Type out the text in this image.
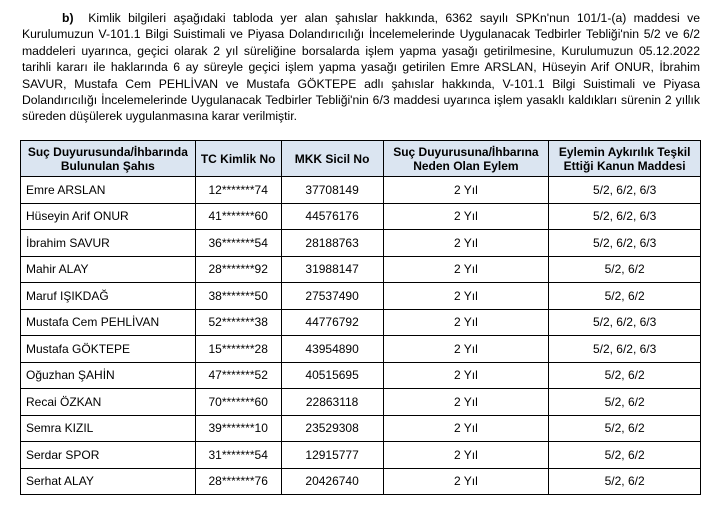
b) Kimlik bilgileri aşağıdaki tabloda yer alan şahıslar hakkında, 6362 sayılı SPKn'nun 101/1-(a) maddesi ve Kurulumuzun V-101.1 Bilgi Suistimali ve Piyasa Dolandırıcılığı İncelemelerinde Uygulanacak Tedbirler Tebliği'nin 5/2 ve 6/2 maddeleri uyarınca, geçici olarak 2 yıl süreliğine borsalarda işlem yapma yasağı getirilmesine, Kurulumuzun 05.12.2022 tarihli kararı ile haklarında 6 ay süreyle geçici işlem yapma yasağı getirilen Emre ARSLAN, Hüseyin Arif ONUR, İbrahim SAVUR, Mustafa Cem PEHLİVAN ve Mustafa GÖKTEPE adlı şahıslar hakkında, V-101.1 Bilgi Suistimali ve Piyasa Dolandırıcılığı İncelemelerinde Uygulanacak Tedbirler Tebliği'nin 6/3 maddesi uyarınca işlem yasaklı kaldıkları sürenin 2 yıllık süreden düşülerek uygulanmasına karar verilmiştir.
Suç Duyurusunda/İhbarında Bulunulan Şahıs	TC Kimlik No	MKK Sicil No	Suç Duyurusuna/İhbarına Neden Olan Eylem	Eylemin Aykırılık Teşkil Ettiği Kanun Maddesi
Emre ARSLAN	12*******74	37708149	2 Yıl	5/2, 6/2, 6/3
Hüseyin Arif ONUR	41*******60	44576176	2 Yıl	5/2, 6/2, 6/3
İbrahim SAVUR	36*******54	28188763	2 Yıl	5/2, 6/2, 6/3
Mahir ALAY	28*******92	31988147	2 Yıl	5/2, 6/2
Maruf IŞIKDAĞ	38*******50	27537490	2 Yıl	5/2, 6/2
Mustafa Cem PEHLİVAN	52*******38	44776792	2 Yıl	5/2, 6/2, 6/3
Mustafa GÖKTEPE	15*******28	43954890	2 Yıl	5/2, 6/2, 6/3
Oğuzhan ŞAHİN	47*******52	40515695	2 Yıl	5/2, 6/2
Recai ÖZKAN	70*******60	22863118	2 Yıl	5/2, 6/2
Semra KIZIL	39*******10	23529308	2 Yıl	5/2, 6/2
Serdar SPOR	31*******54	12915777	2 Yıl	5/2, 6/2
Serhat ALAY	28*******76	20426740	2 Yıl	5/2, 6/2
